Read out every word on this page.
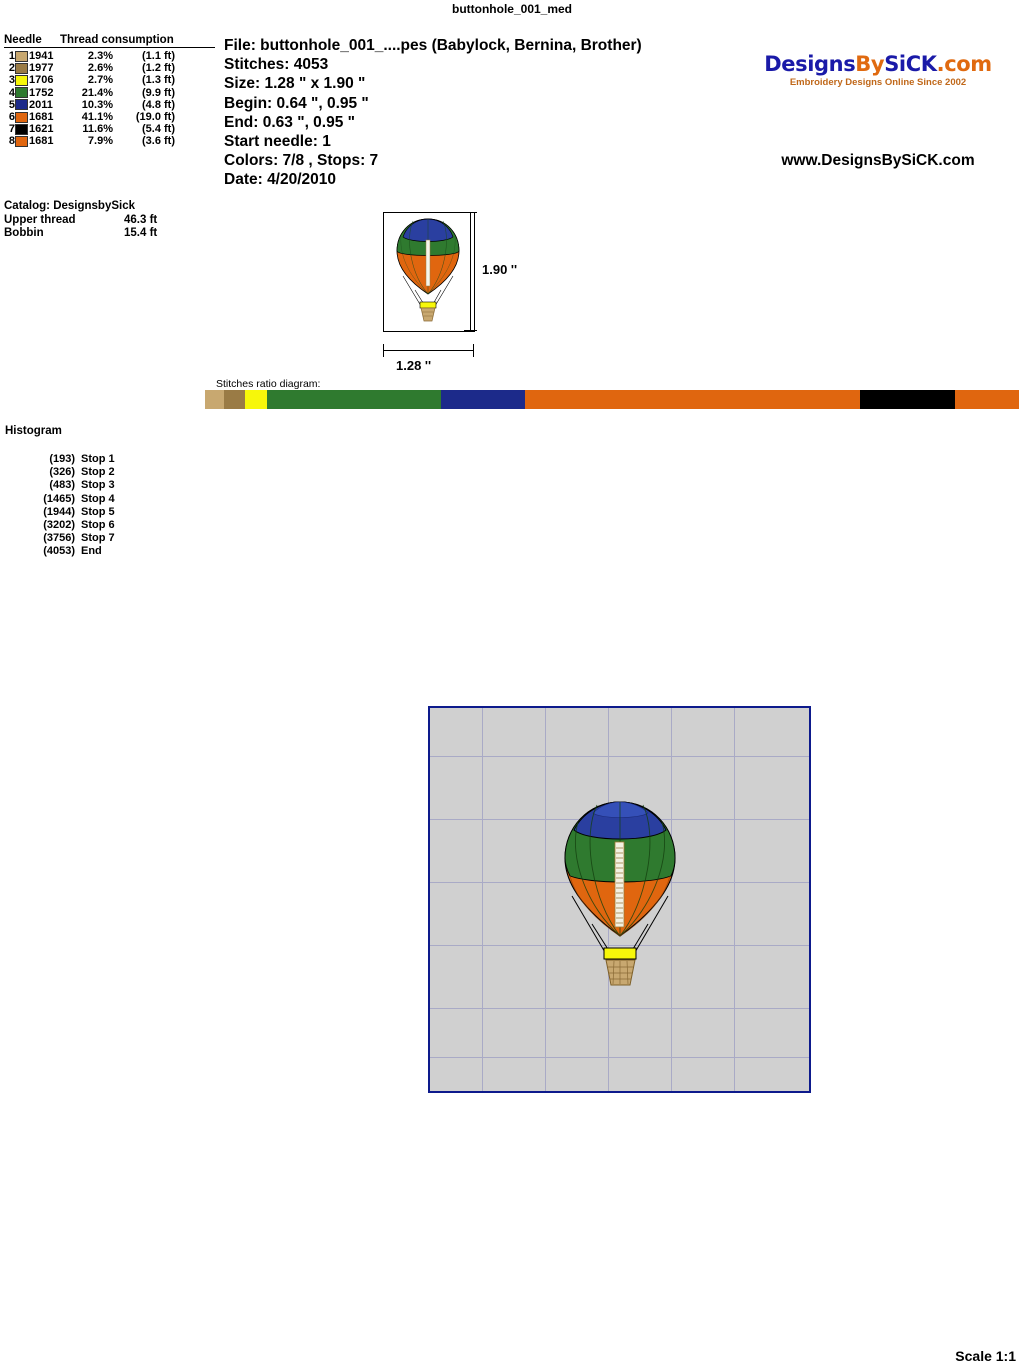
buttonhole_001_med
Needle Thread consumption
1		1941	2.3%	(1.1 ft)
2		1977	2.6%	(1.2 ft)
3		1706	2.7%	(1.3 ft)
4		1752	21.4%	(9.9 ft)
5		2011	10.3%	(4.8 ft)
6		1681	41.1%	(19.0 ft)
7		1621	11.6%	(5.4 ft)
8		1681	7.9%	(3.6 ft)
Catalog: DesignsbySick
Upper thread	46.3 ft
Bobbin	15.4 ft
File: buttonhole_001_....pes (Babylock, Bernina, Brother)
Stitches: 4053
Size: 1.28 " x 1.90 "
Begin: 0.64 ", 0.95 "
End: 0.63 ", 0.95 "
Start needle: 1
Colors: 7/8 , Stops: 7
Date: 4/20/2010
DesignsBySiCK.com
Embroidery Designs Online Since 2002
www.DesignsBySiCK.com
1.90 ''
1.28 ''
Stitches ratio diagram:
Histogram
(193) Stop 1
(326) Stop 2
(483) Stop 3
(1465) Stop 4
(1944) Stop 5
(3202) Stop 6
(3756) Stop 7
(4053) End
Scale 1:1
